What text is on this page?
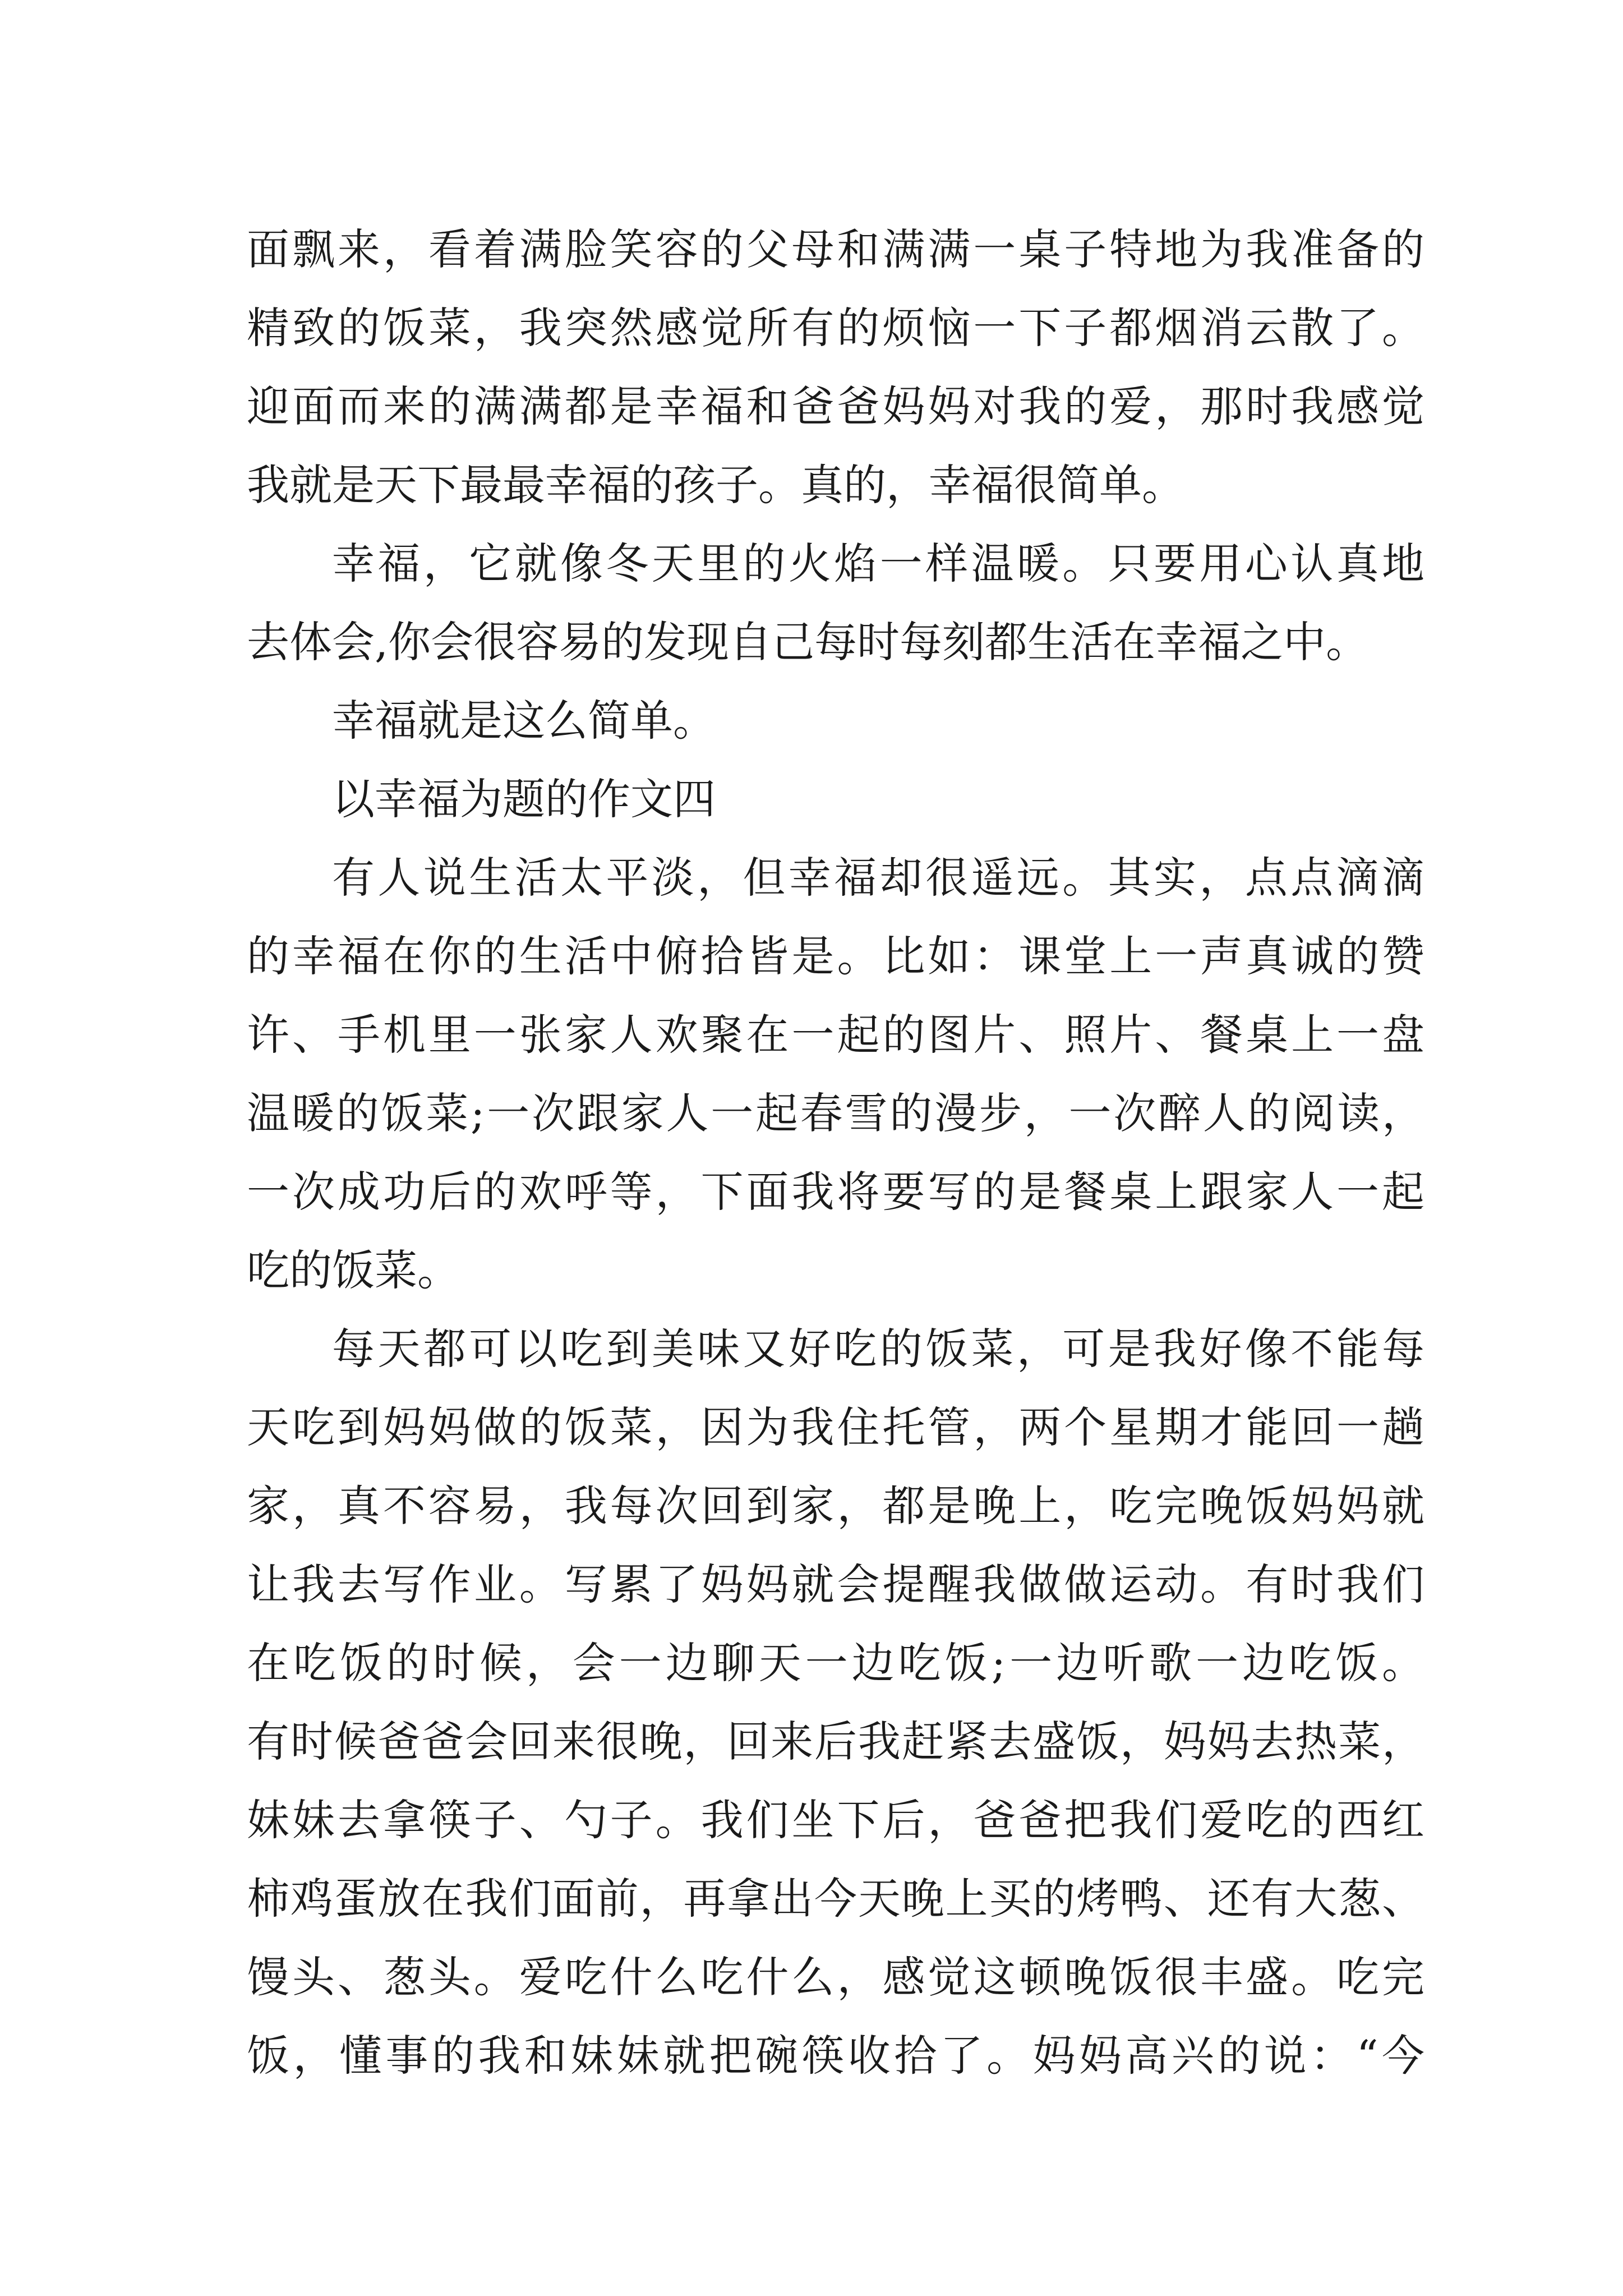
面飘来，看着满脸笑容的父母和满满一桌子特地为我准备的
精致的饭菜，我突然感觉所有的烦恼一下子都烟消云散了。
迎面而来的满满都是幸福和爸爸妈妈对我的爱，那时我感觉
我就是天下最最幸福的孩子。真的，幸福很简单。
幸福，它就像冬天里的火焰一样温暖。只要用心认真地
去体会,你会很容易的发现自己每时每刻都生活在幸福之中。
幸福就是这么简单。
以幸福为题的作文四
有人说生活太平淡，但幸福却很遥远。其实，点点滴滴
的幸福在你的生活中俯拾皆是。比如：课堂上一声真诚的赞
许、手机里一张家人欢聚在一起的图片、照片、餐桌上一盘
温暖的饭菜;一次跟家人一起春雪的漫步，一次醉人的阅读，
一次成功后的欢呼等，下面我将要写的是餐桌上跟家人一起
吃的饭菜。
每天都可以吃到美味又好吃的饭菜，可是我好像不能每
天吃到妈妈做的饭菜，因为我住托管，两个星期才能回一趟
家，真不容易，我每次回到家，都是晚上，吃完晚饭妈妈就
让我去写作业。写累了妈妈就会提醒我做做运动。有时我们
在吃饭的时候，会一边聊天一边吃饭;一边听歌一边吃饭。
有时候爸爸会回来很晚，回来后我赶紧去盛饭，妈妈去热菜，
妹妹去拿筷子、勺子。我们坐下后，爸爸把我们爱吃的西红
柿鸡蛋放在我们面前，再拿出今天晚上买的烤鸭、还有大葱、
馒头、葱头。爱吃什么吃什么，感觉这顿晚饭很丰盛。吃完
饭，懂事的我和妹妹就把碗筷收拾了。妈妈高兴的说：“今
